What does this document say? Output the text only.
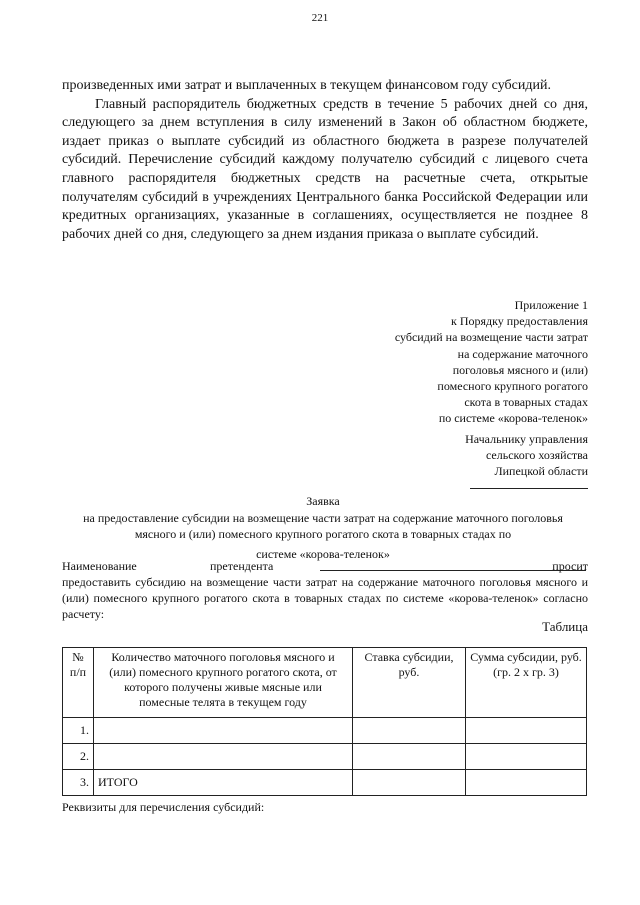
221

произведенных ими затрат и выплаченных в текущем финансовом году субсидий.

Главный распорядитель бюджетных средств в течение 5 рабочих дней со дня, следующего за днем вступления в силу изменений в Закон об областном бюджете, издает приказ о выплате субсидий из областного бюджета в разрезе получателей субсидий. Перечисление субсидий каждому получателю субсидий с лицевого счета главного распорядителя бюджетных средств на расчетные счета, открытые получателям субсидий в учреждениях Центрального банка Российской Федерации или кредитных организациях, указанные в соглашениях, осуществляется не позднее 8 рабочих дней со дня, следующего за днем издания приказа о выплате субсидий.

Приложение 1
к Порядку предоставления
субсидий на возмещение части затрат
на содержание маточного
поголовья мясного и (или)
помесного крупного рогатого
скота в товарных стадах
по системе «корова-теленок»
Начальнику управления
сельского хозяйства
Липецкой области
Заявка
на предоставление субсидии на возмещение части затрат на содержание маточного поголовья
мясного и (или) помесного крупного рогатого скота в товарных стадах по
системе «корова-теленок»
Наименование	претендента	просит
предоставить субсидию на возмещение части затрат на содержание маточного поголовья мясного и (или) помесного крупного рогатого скота в товарных стадах по системе «корова-теленок» согласно расчету:
Таблица
№ п/п	Количество маточного поголовья мясного и (или) помесного крупного рогатого скота, от которого получены живые мясные или помесные телята в текущем году	Ставка субсидии, руб.	Сумма субсидии, руб. (гр. 2 х гр. 3)
1.			
2.			
3.	ИТОГО		
Реквизиты для перечисления субсидий:
